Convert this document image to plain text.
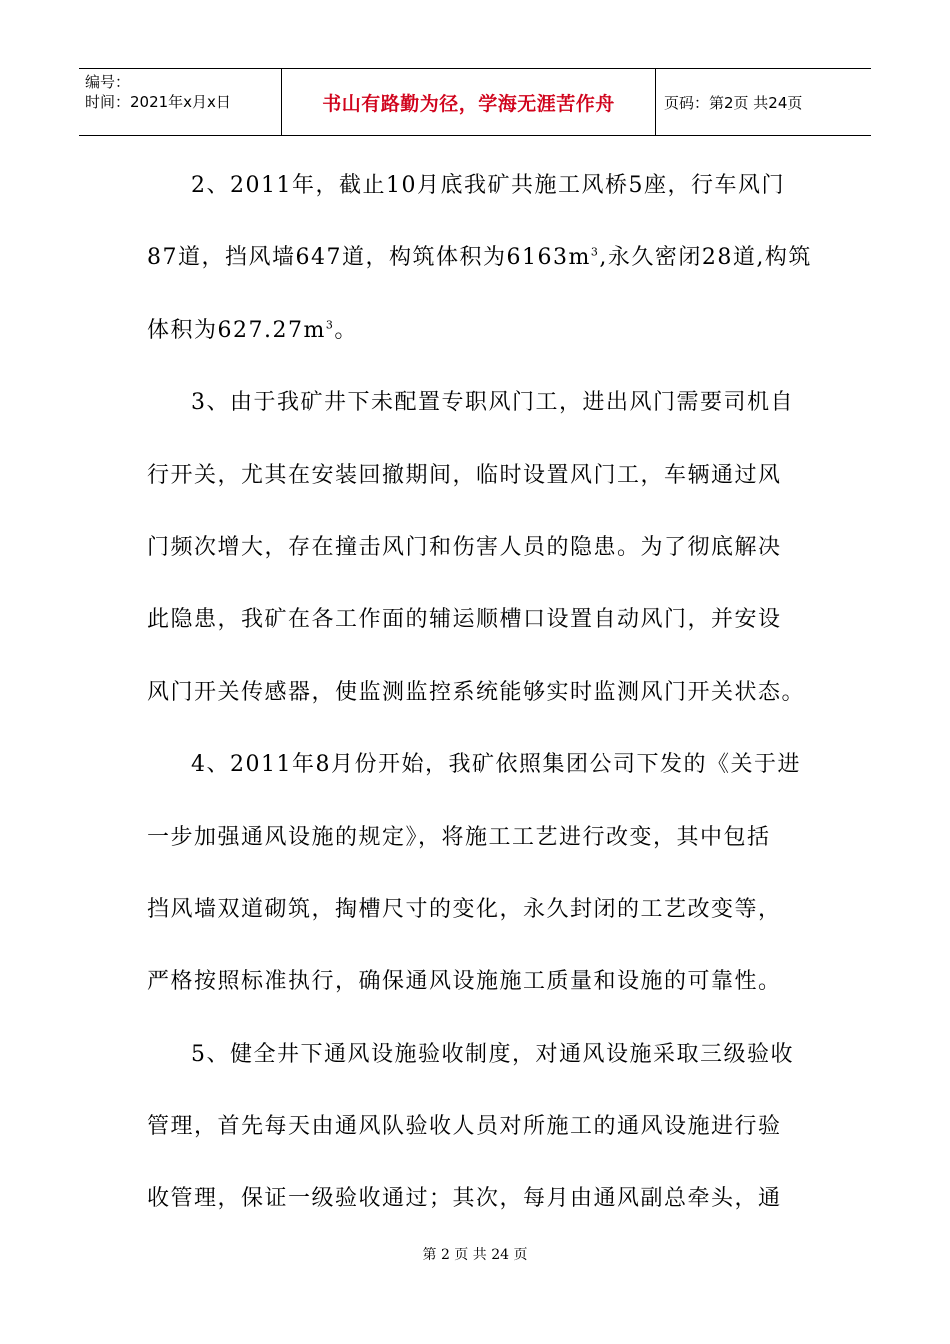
编号：
时间：2021年x月x日	书山有路勤为径，学海无涯苦作舟	页码：第2页 共24页
2、2011年，截止10月底我矿共施工风桥5座，行车风门
87道，挡风墙647道，构筑体积为$6163m^3$,永久密闭28道,构筑
体积为$627.27m^3$。
3、由于我矿井下未配置专职风门工，进出风门需要司机自
行开关，尤其在安装回撤期间，临时设置风门工，车辆通过风
门频次增大，存在撞击风门和伤害人员的隐患。为了彻底解决
此隐患，我矿在各工作面的辅运顺槽口设置自动风门，并安设
风门开关传感器，使监测监控系统能够实时监测风门开关状态。
4、2011年8月份开始，我矿依照集团公司下发的《关于进
一步加强通风设施的规定》，将施工工艺进行改变，其中包括
挡风墙双道砌筑，掏槽尺寸的变化，永久封闭的工艺改变等，
严格按照标准执行，确保通风设施施工质量和设施的可靠性。
5、健全井下通风设施验收制度，对通风设施采取三级验收
管理，首先每天由通风队验收人员对所施工的通风设施进行验
收管理，保证一级验收通过；其次，每月由通风副总牵头，通
第 2 页 共 24 页
